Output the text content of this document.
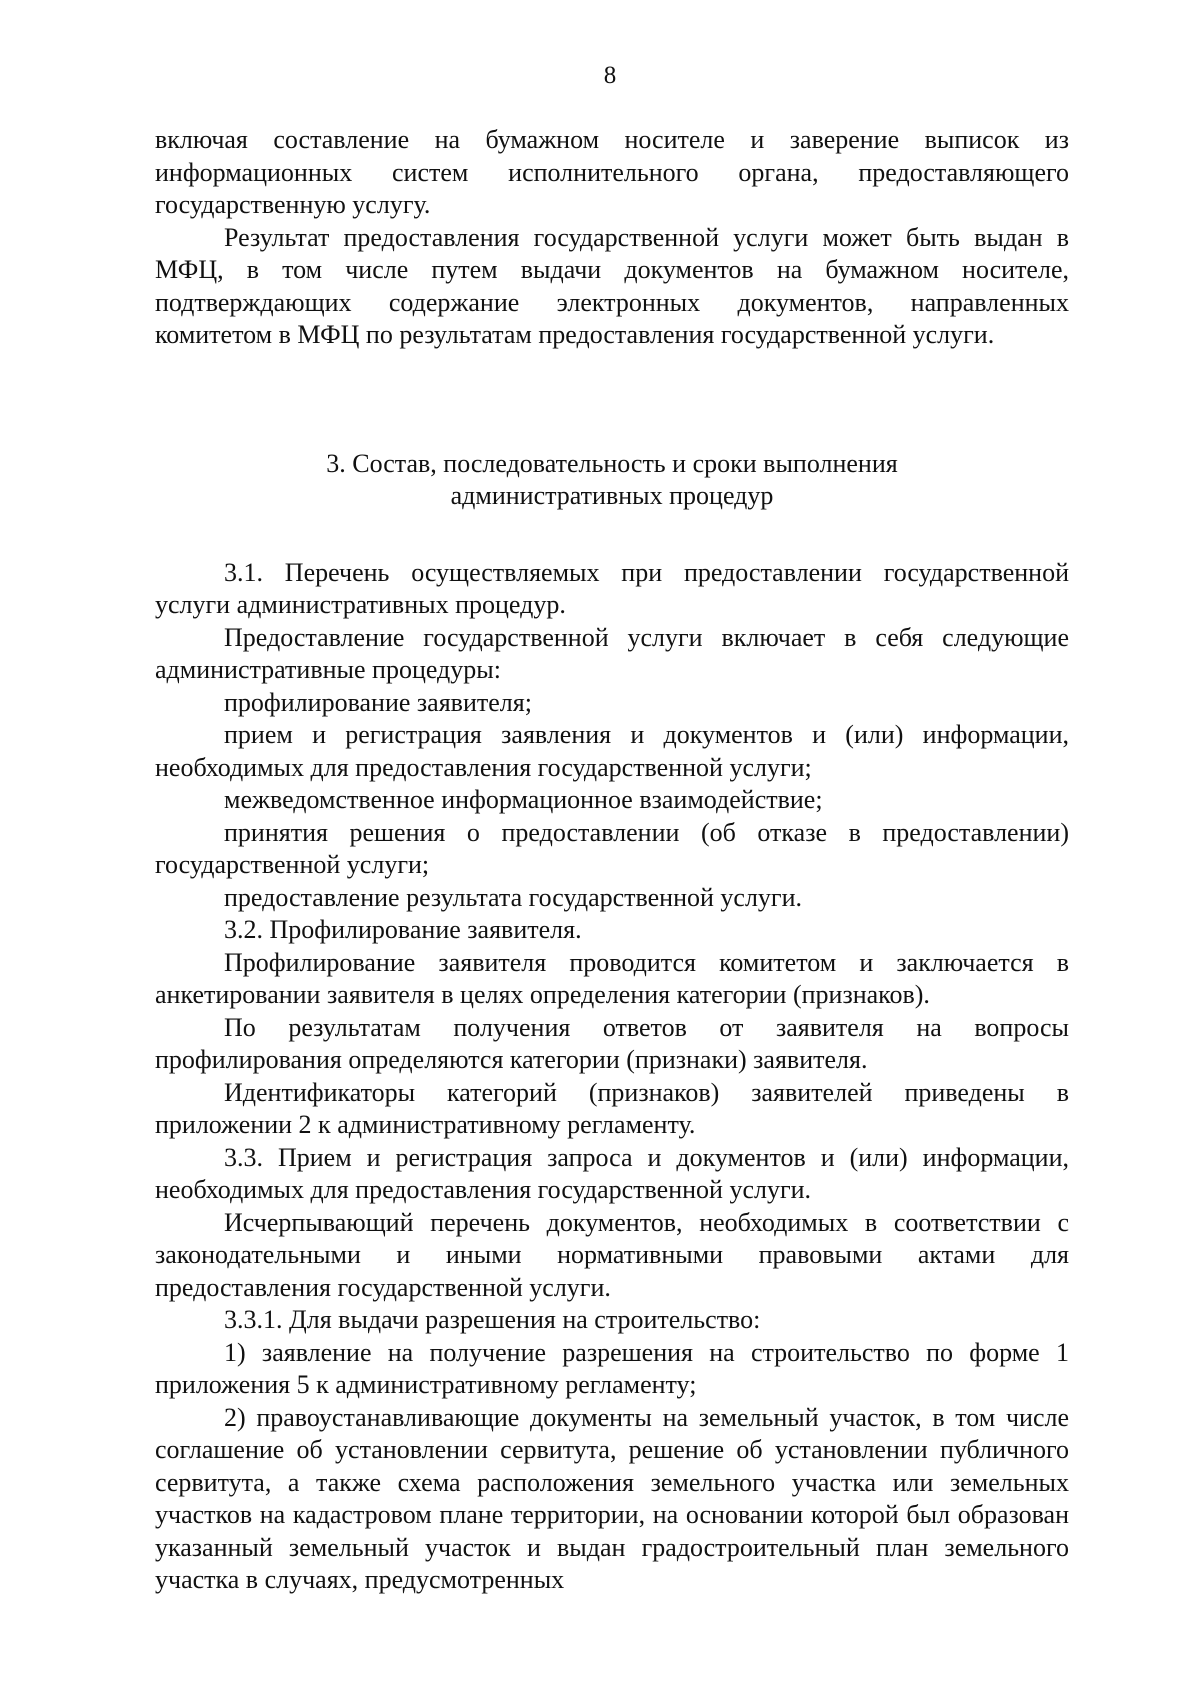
8

включая составление на бумажном носителе и заверение выписок из информационных систем исполнительного органа, предоставляющего государственную услугу.

Результат предоставления государственной услуги может быть выдан в МФЦ, в том числе путем выдачи документов на бумажном носителе, подтверждающих содержание электронных документов, направленных комитетом в МФЦ по результатам предоставления государственной услуги.

3. Состав, последовательность и сроки выполнения
административных процедур

3.1. Перечень осуществляемых при предоставлении государственной услуги административных процедур.

Предоставление государственной услуги включает в себя следующие административные процедуры:

профилирование заявителя;

прием и регистрация заявления и документов и (или) информации, необходимых для предоставления государственной услуги;

межведомственное информационное взаимодействие;

принятия решения о предоставлении (об отказе в предоставлении) государственной услуги;

предоставление результата государственной услуги.

3.2. Профилирование заявителя.

Профилирование заявителя проводится комитетом и заключается в анкетировании заявителя в целях определения категории (признаков).

По результатам получения ответов от заявителя на вопросы профилирования определяются категории (признаки) заявителя.

Идентификаторы категорий (признаков) заявителей приведены в приложении 2 к административному регламенту.

3.3. Прием и регистрация запроса и документов и (или) информации, необходимых для предоставления государственной услуги.

Исчерпывающий перечень документов, необходимых в соответствии с законодательными и иными нормативными правовыми актами для предоставления государственной услуги.

3.3.1. Для выдачи разрешения на строительство:

1) заявление на получение разрешения на строительство по форме 1 приложения 5 к административному регламенту;

2) правоустанавливающие документы на земельный участок, в том числе соглашение об установлении сервитута, решение об установлении публичного сервитута, а также схема расположения земельного участка или земельных участков на кадастровом плане территории, на основании которой был образован указанный земельный участок и выдан градостроительный план земельного участка в случаях, предусмотренных
